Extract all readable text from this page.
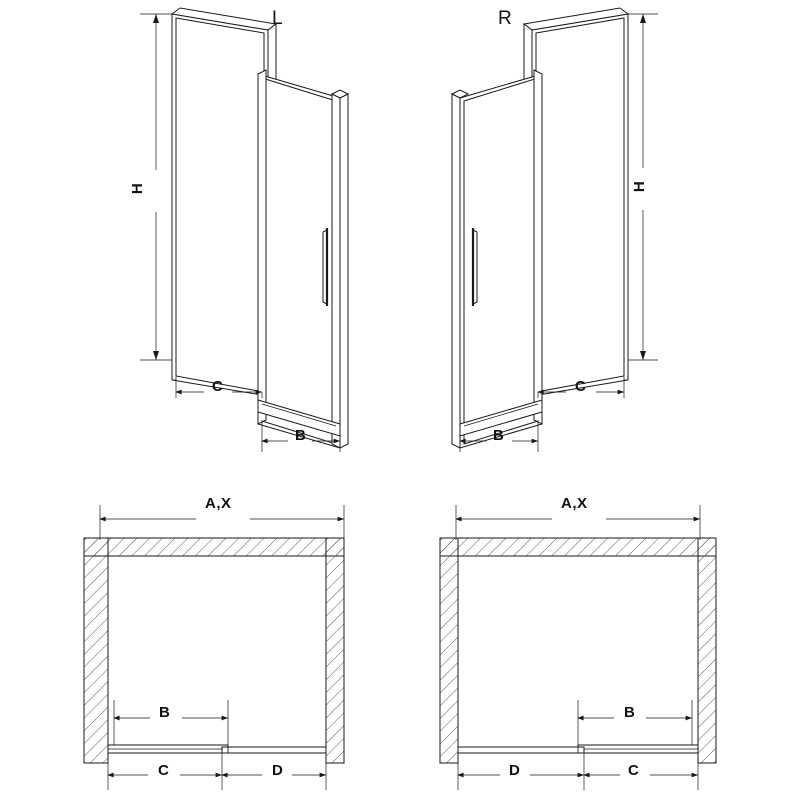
L	R
H	H
C
B
C
B
A,X	A,X
B
C	D
B
D	C
